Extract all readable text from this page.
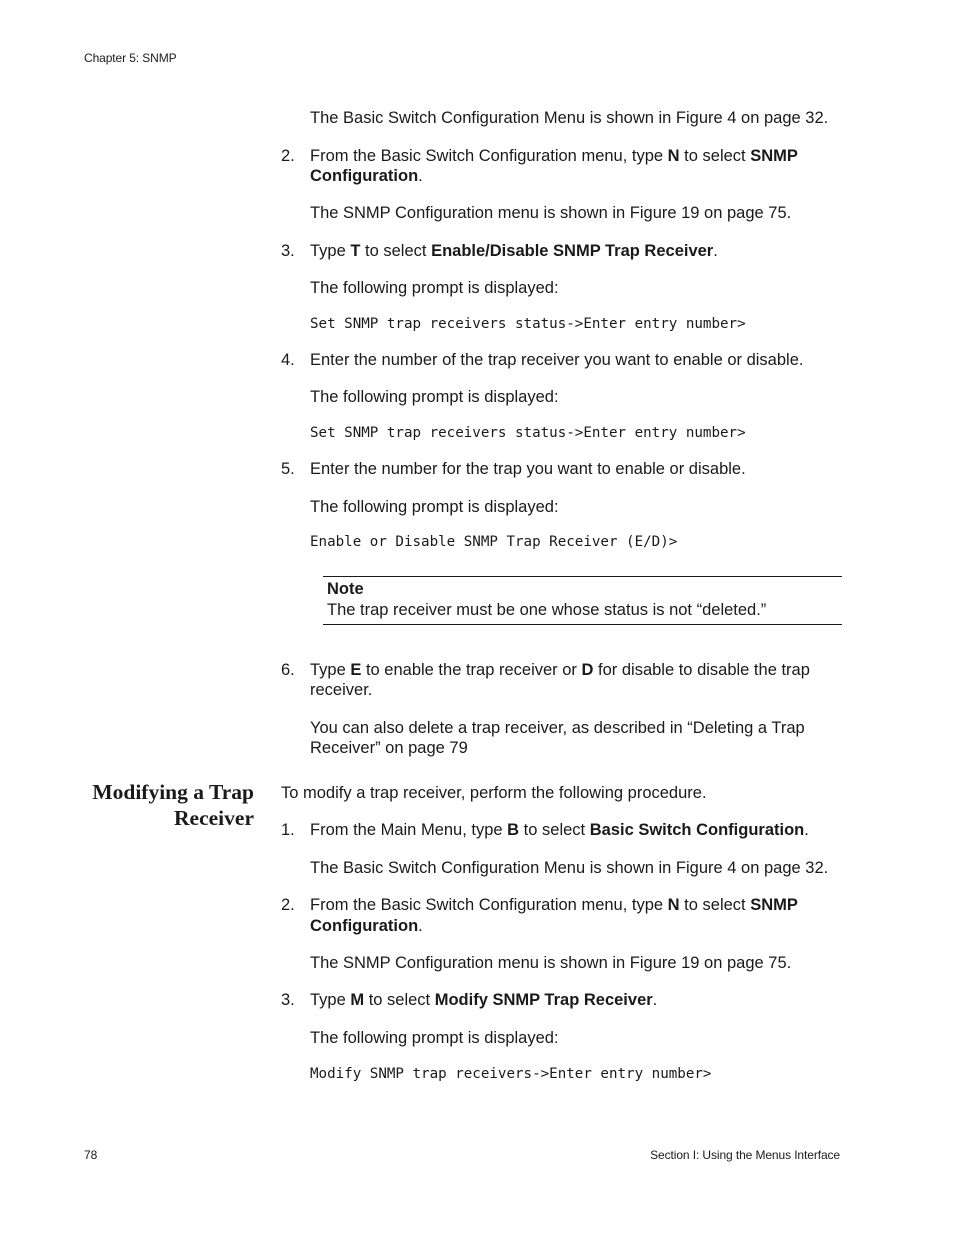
Chapter 5: SNMP
78	Section I: Using the Menus Interface
The Basic Switch Configuration Menu is shown in Figure 4 on page 32.
2. From the Basic Switch Configuration menu, type N to select SNMP
Configuration.
The SNMP Configuration menu is shown in Figure 19 on page 75.
3. Type T to select Enable/Disable SNMP Trap Receiver.
The following prompt is displayed:
Set SNMP trap receivers status->Enter entry number>
4. Enter the number of the trap receiver you want to enable or disable.
The following prompt is displayed:
Set SNMP trap receivers status->Enter entry number>
5. Enter the number for the trap you want to enable or disable.
The following prompt is displayed:
Enable or Disable SNMP Trap Receiver (E/D)>
Note
The trap receiver must be one whose status is not “deleted.”
6. Type E to enable the trap receiver or D for disable to disable the trap
receiver.
You can also delete a trap receiver, as described in “Deleting a Trap
Receiver” on page 79
Modifying a Trap
Receiver
To modify a trap receiver, perform the following procedure.
1. From the Main Menu, type B to select Basic Switch Configuration.
The Basic Switch Configuration Menu is shown in Figure 4 on page 32.
2. From the Basic Switch Configuration menu, type N to select SNMP
Configuration.
The SNMP Configuration menu is shown in Figure 19 on page 75.
3. Type M to select Modify SNMP Trap Receiver.
The following prompt is displayed:
Modify SNMP trap receivers->Enter entry number>
